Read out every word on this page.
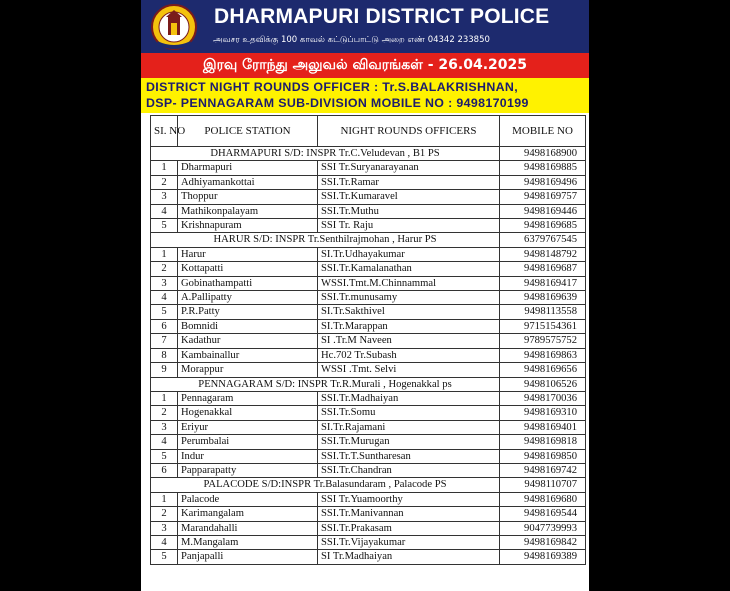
DHARMAPURI DISTRICT POLICE
அவசர உதவிக்கு 100 காவல் கட்டுப்பாட்டு அறை எண் 04342 233850
இரவு ரோந்து அலுவல் விவரங்கள் - 26.04.2025
DISTRICT NIGHT ROUNDS OFFICER : Tr.S.BALAKRISHNAN,
DSP- PENNAGARAM SUB-DIVISION MOBILE NO : 9498170199
SI. NO	POLICE STATION	NIGHT ROUNDS OFFICERS	MOBILE NO
DHARMAPURI S/D: INSPR Tr.C.Veludevan , B1 PS			9498168900
1	Dharmapuri	SSI Tr.Suryanarayanan	9498169885
2	Adhiyamankottai	SSI.Tr.Ramar	9498169496
3	Thoppur	SSI.Tr.Kumaravel	9498169757
4	Mathikonpalayam	SSI.Tr.Muthu	9498169446
5	Krishnapuram	SSI Tr. Raju	9498169685
HARUR S/D: INSPR Tr.Senthilrajmohan , Harur PS			6379767545
1	Harur	SI.Tr.Udhayakumar	9498148792
2	Kottapatti	SSI.Tr.Kamalanathan	9498169687
3	Gobinathampatti	WSSI.Tmt.M.Chinnammal	9498169417
4	A.Pallipatty	SSI.Tr.munusamy	9498169639
5	P.R.Patty	SI.Tr.Sakthivel	9498113558
6	Bomnidi	SI.Tr.Marappan	9715154361
7	Kadathur	SI .Tr.M Naveen	9789575752
8	Kambainallur	Hc.702 Tr.Subash	9498169863
9	Morappur	WSSI .Tmt. Selvi	9498169656
PENNAGARAM S/D: INSPR Tr.R.Murali , Hogenakkal ps			9498106526
1	Pennagaram	SSI.Tr.Madhaiyan	9498170036
2	Hogenakkal	SSI.Tr.Somu	9498169310
3	Eriyur	SI.Tr.Rajamani	9498169401
4	Perumbalai	SSI.Tr.Murugan	9498169818
5	Indur	SSI.Tr.T.Suntharesan	9498169850
6	Papparapatty	SSI.Tr.Chandran	9498169742
PALACODE S/D:INSPR Tr.Balasundaram , Palacode PS			9498110707
1	Palacode	SSI Tr.Yuamoorthy	9498169680
2	Karimangalam	SSI.Tr.Manivannan	9498169544
3	Marandahalli	SSI.Tr.Prakasam	9047739993
4	M.Mangalam	SSI.Tr.Vijayakumar	9498169842
5	Panjapalli	SI Tr.Madhaiyan	9498169389
